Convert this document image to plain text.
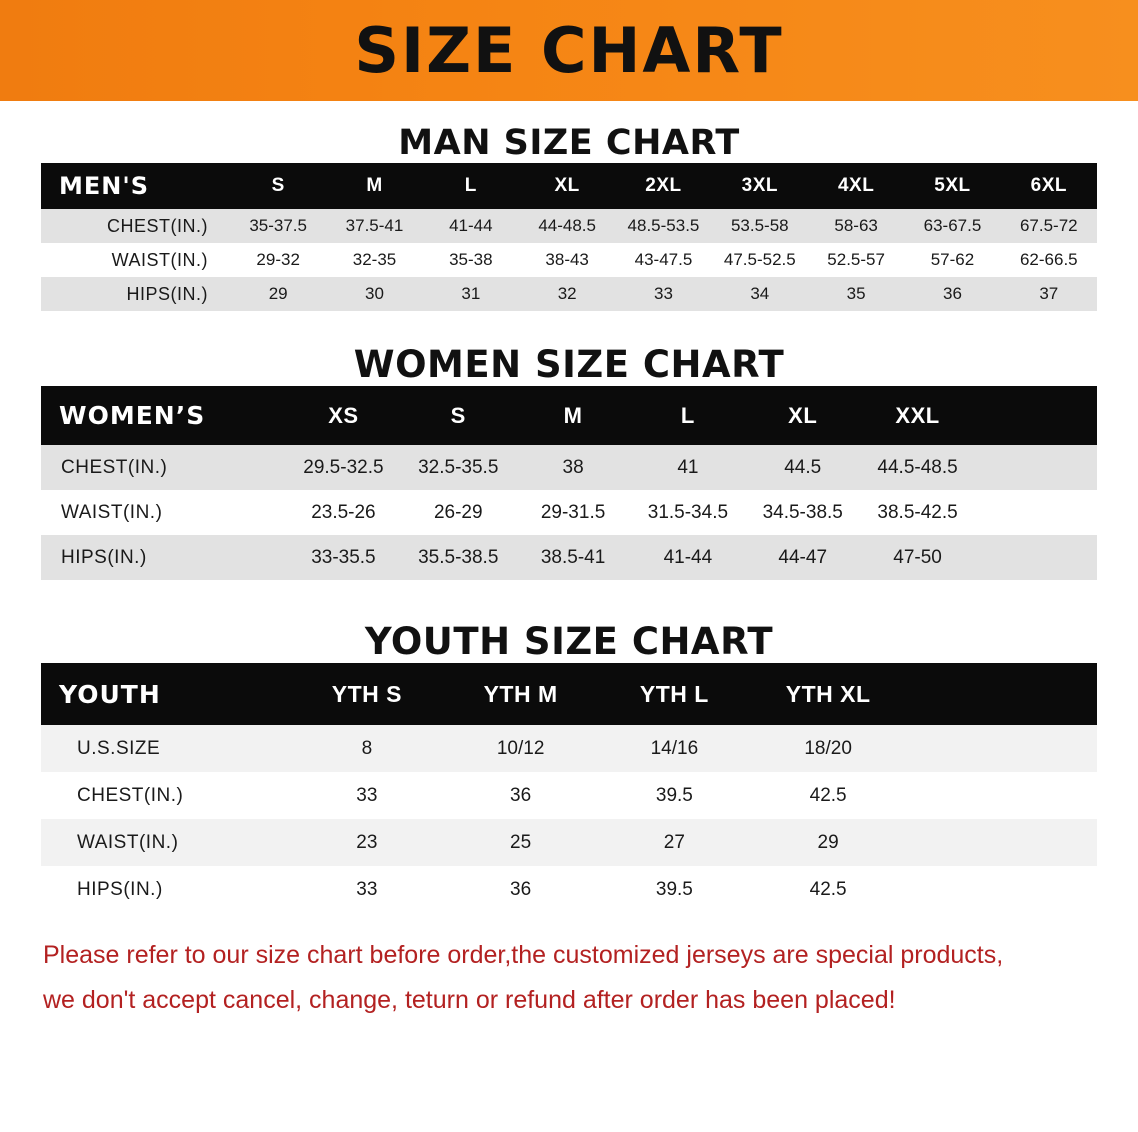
SIZE CHART
MAN SIZE CHART
MEN'S	S	M	L	XL	2XL	3XL	4XL	5XL	6XL
CHEST(IN.)	35-37.5	37.5-41	41-44	44-48.5	48.5-53.5	53.5-58	58-63	63-67.5	67.5-72
WAIST(IN.)	29-32	32-35	35-38	38-43	43-47.5	47.5-52.5	52.5-57	57-62	62-66.5
HIPS(IN.)	29	30	31	32	33	34	35	36	37
WOMEN SIZE CHART
WOMEN’S	XS	S	M	L	XL	XXL	
CHEST(IN.)	29.5-32.5	32.5-35.5	38	41	44.5	44.5-48.5	
WAIST(IN.)	23.5-26	26-29	29-31.5	31.5-34.5	34.5-38.5	38.5-42.5	
HIPS(IN.)	33-35.5	35.5-38.5	38.5-41	41-44	44-47	47-50	
YOUTH SIZE CHART
YOUTH	YTH S	YTH M	YTH L	YTH XL	
U.S.SIZE	8	10/12	14/16	18/20	
CHEST(IN.)	33	36	39.5	42.5	
WAIST(IN.)	23	25	27	29	
HIPS(IN.)	33	36	39.5	42.5	
Please refer to our size chart before order,the customized jerseys are special products,
we don't accept cancel, change, teturn or refund after order has been placed!
